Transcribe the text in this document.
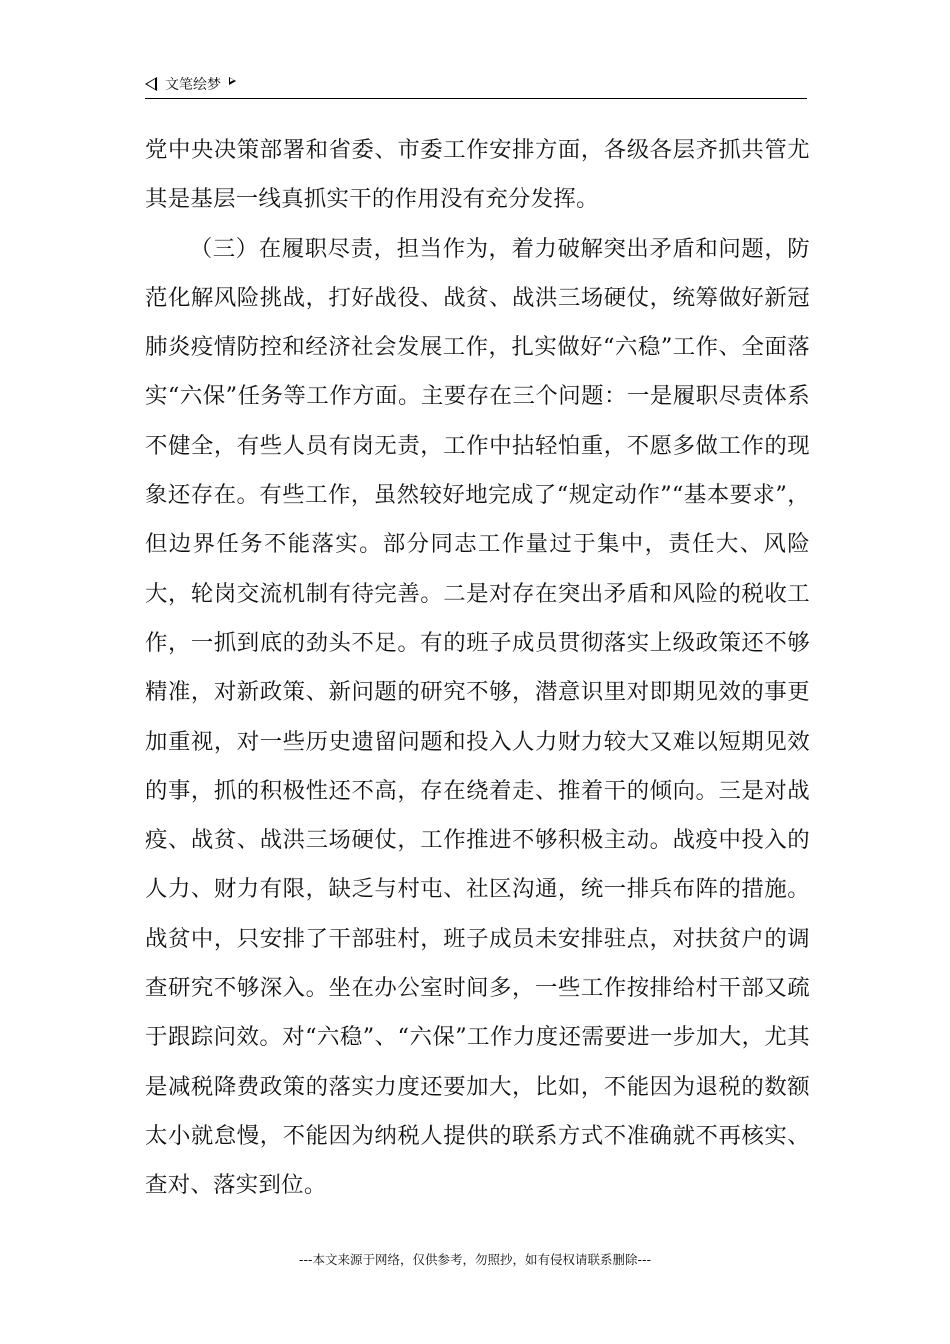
文笔绘梦

党中央决策部署和省委、市委工作安排方面，各级各层齐抓共管尤其是基层一线真抓实干的作用没有充分发挥。

（三）在履职尽责，担当作为，着力破解突出矛盾和问题，防范化解风险挑战，打好战役、战贫、战洪三场硬仗，统筹做好新冠肺炎疫情防控和经济社会发展工作，扎实做好“六稳”工作、全面落实“六保”任务等工作方面。主要存在三个问题：一是履职尽责体系不健全，有些人员有岗无责，工作中拈轻怕重，不愿多做工作的现象还存在。有些工作，虽然较好地完成了“规定动作”“基本要求”，但边界任务不能落实。部分同志工作量过于集中，责任大、风险大，轮岗交流机制有待完善。二是对存在突出矛盾和风险的税收工作，一抓到底的劲头不足。有的班子成员贯彻落实上级政策还不够精准，对新政策、新问题的研究不够，潜意识里对即期见效的事更加重视，对一些历史遗留问题和投入人力财力较大又难以短期见效的事，抓的积极性还不高，存在绕着走、推着干的倾向。三是对战疫、战贫、战洪三场硬仗，工作推进不够积极主动。战疫中投入的人力、财力有限，缺乏与村屯、社区沟通，统一排兵布阵的措施。战贫中，只安排了干部驻村，班子成员未安排驻点，对扶贫户的调查研究不够深入。坐在办公室时间多，一些工作按排给村干部又疏于跟踪问效。对“六稳”、“六保”工作力度还需要进一步加大，尤其是减税降费政策的落实力度还要加大，比如，不能因为退税的数额太小就怠慢，不能因为纳税人提供的联系方式不准确就不再核实、查对、落实到位。

---本文来源于网络，仅供参考，勿照抄，如有侵权请联系删除---
